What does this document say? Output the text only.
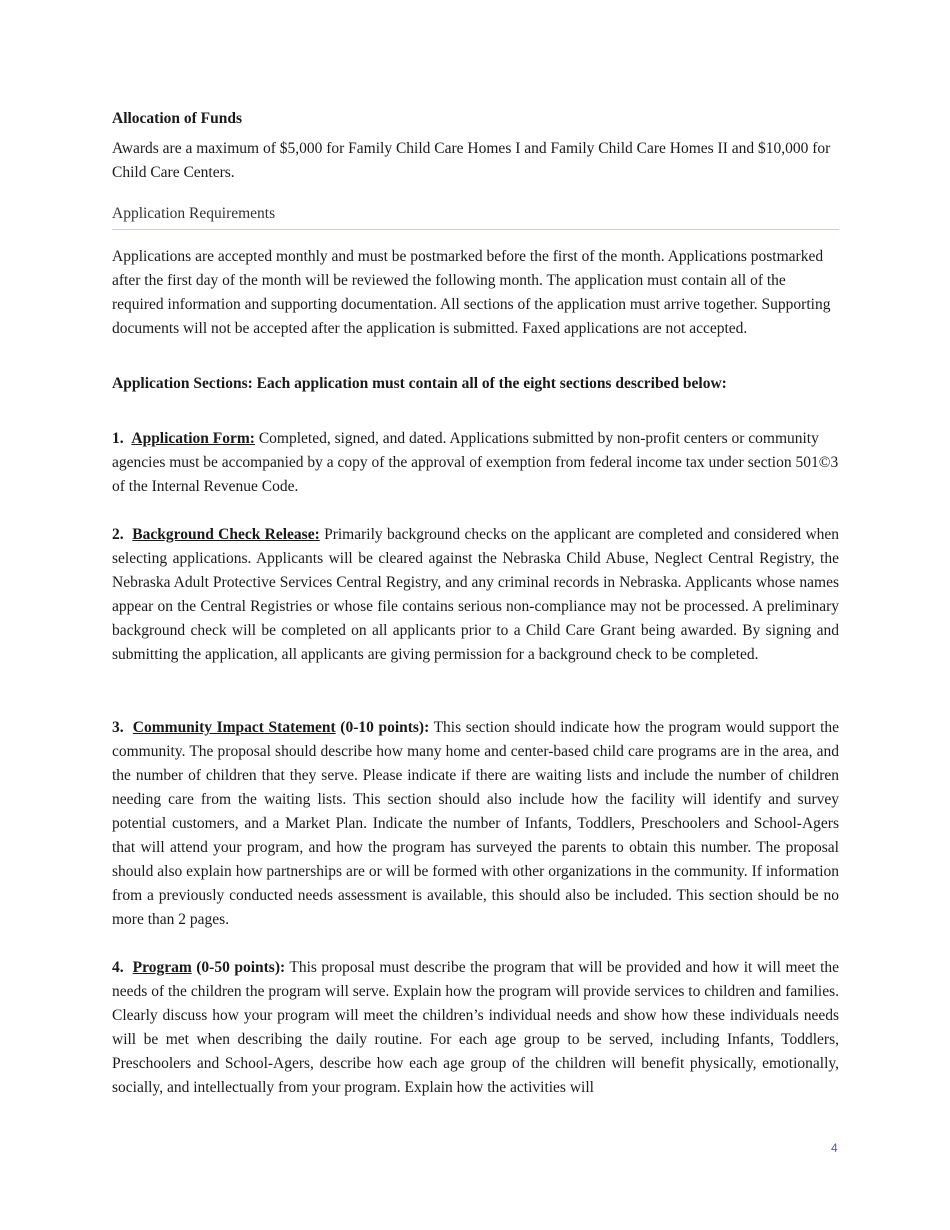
Allocation of Funds

Awards are a maximum of $5,000 for Family Child Care Homes I and Family Child Care Homes II and $10,000 for Child Care Centers.

Application Requirements

Applications are accepted monthly and must be postmarked before the first of the month. Applications postmarked after the first day of the month will be reviewed the following month. The application must contain all of the required information and supporting documentation. All sections of the application must arrive together. Supporting documents will not be accepted after the application is submitted. Faxed applications are not accepted.

Application Sections: Each application must contain all of the eight sections described below:

1. Application Form: Completed, signed, and dated. Applications submitted by non-profit centers or community agencies must be accompanied by a copy of the approval of exemption from federal income tax under section 501©3 of the Internal Revenue Code.

2. Background Check Release: Primarily background checks on the applicant are completed and considered when selecting applications. Applicants will be cleared against the Nebraska Child Abuse, Neglect Central Registry, the Nebraska Adult Protective Services Central Registry, and any criminal records in Nebraska. Applicants whose names appear on the Central Registries or whose file contains serious non-compliance may not be processed. A preliminary background check will be completed on all applicants prior to a Child Care Grant being awarded. By signing and submitting the application, all applicants are giving permission for a background check to be completed.

3. Community Impact Statement (0-10 points): This section should indicate how the program would support the community. The proposal should describe how many home and center-based child care programs are in the area, and the number of children that they serve. Please indicate if there are waiting lists and include the number of children needing care from the waiting lists. This section should also include how the facility will identify and survey potential customers, and a Market Plan. Indicate the number of Infants, Toddlers, Preschoolers and School-Agers that will attend your program, and how the program has surveyed the parents to obtain this number. The proposal should also explain how partnerships are or will be formed with other organizations in the community. If information from a previously conducted needs assessment is available, this should also be included. This section should be no more than 2 pages.

4. Program (0-50 points): This proposal must describe the program that will be provided and how it will meet the needs of the children the program will serve. Explain how the program will provide services to children and families. Clearly discuss how your program will meet the children’s individual needs and show how these individuals needs will be met when describing the daily routine. For each age group to be served, including Infants, Toddlers, Preschoolers and School-Agers, describe how each age group of the children will benefit physically, emotionally, socially, and intellectually from your program. Explain how the activities will

4
